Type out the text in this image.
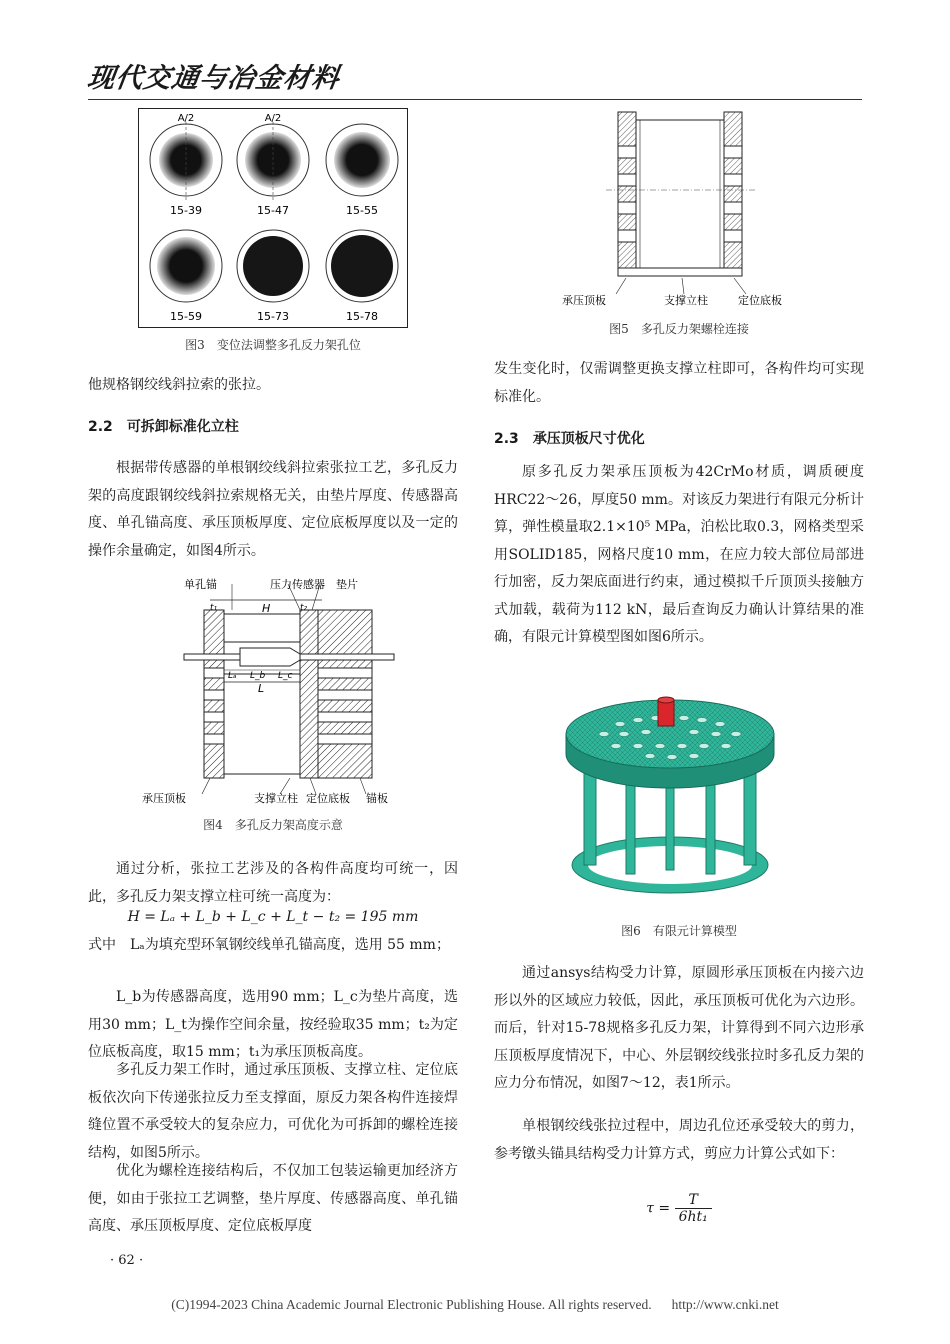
现代交通与冶金材料
A/2	A/2
15-39	15-47	15-55
15-59	15-73	15-78
图3 变位法调整多孔反力架孔位
他规格钢绞线斜拉索的张拉。
2.2 可拆卸标准化立柱
根据带传感器的单根钢绞线斜拉索张拉工艺，多孔反力架的高度跟钢绞线斜拉索规格无关，由垫片厚度、传感器高度、单孔锚高度、承压顶板厚度、定位底板厚度以及一定的操作余量确定，如图4所示。
单孔锚	压力传感器 垫片
H
t₁	t₂
Lₐ L_b L_c
L
承压顶板	支撑立柱 定位底板 锚板
图4 多孔反力架高度示意
通过分析，张拉工艺涉及的各构件高度均可统一，因此，多孔反力架支撑立柱可统一高度为：
H = Lₐ + L_b + L_c + L_t − t₂ = 195 mm
式中　Lₐ为填充型环氧钢绞线单孔锚高度，选用 55 mm；
L_b为传感器高度，选用90 mm；L_c为垫片高度，选用30 mm；L_t为操作空间余量，按经验取35 mm；t₂为定位底板高度，取15 mm；t₁为承压顶板高度。
多孔反力架工作时，通过承压顶板、支撑立柱、定位底板依次向下传递张拉反力至支撑面，原反力架各构件连接焊缝位置不承受较大的复杂应力，可优化为可拆卸的螺栓连接结构，如图5所示。
优化为螺栓连接结构后，不仅加工包装运输更加经济方便，如由于张拉工艺调整，垫片厚度、传感器高度、单孔锚高度、承压顶板厚度、定位底板厚度
· 62 ·
承压顶板	支撑立柱	定位底板
图5 多孔反力架螺栓连接
发生变化时，仅需调整更换支撑立柱即可，各构件均可实现标准化。
2.3 承压顶板尺寸优化
原多孔反力架承压顶板为42CrMo材质，调质硬度HRC22～26，厚度50 mm。对该反力架进行有限元分析计算，弹性模量取2.1×10⁵ MPa，泊松比取0.3，网格类型采用SOLID185，网格尺度10 mm，在应力较大部位局部进行加密，反力架底面进行约束，通过模拟千斤顶顶头接触方式加载，载荷为112 kN，最后查询反力确认计算结果的准确，有限元计算模型图如图6所示。
图6 有限元计算模型
通过ansys结构受力计算，原圆形承压顶板在内接六边形以外的区域应力较低，因此，承压顶板可优化为六边形。而后，针对15-78规格多孔反力架，计算得到不同六边形承压顶板厚度情况下，中心、外层钢绞线张拉时多孔反力架的应力分布情况，如图7～12，表1所示。
单根钢绞线张拉过程中，周边孔位还承受较大的剪力，参考镦头锚具结构受力计算方式，剪应力计算公式如下：
$\tau = \frac{T}{\text{6ht₁}}$
(C)1994-2023 China Academic Journal Electronic Publishing House. All rights reserved. http://www.cnki.net
